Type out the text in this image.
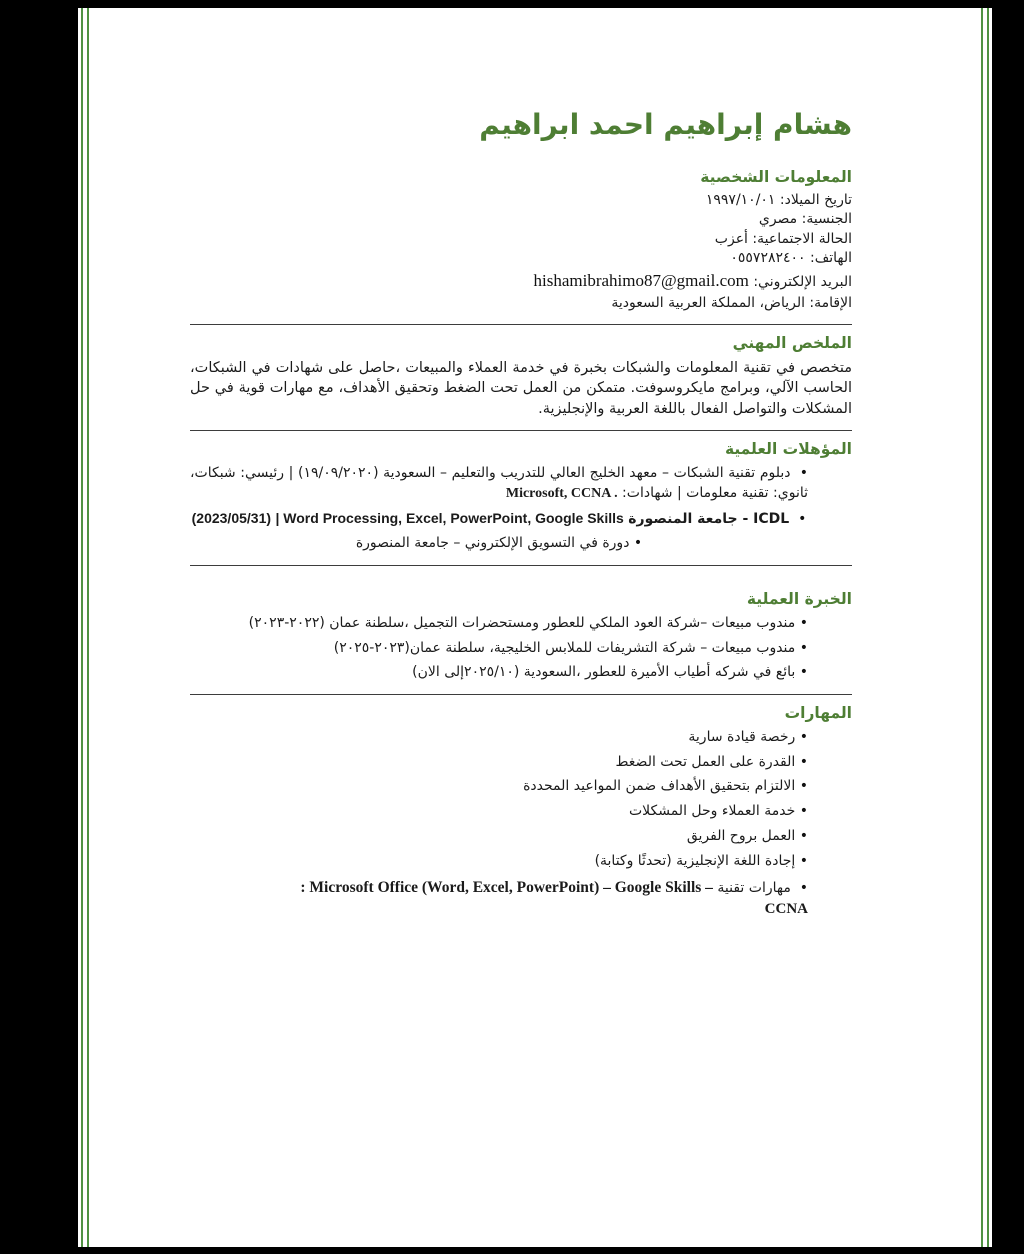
هشام إبراهيم احمد ابراهيم
المعلومات الشخصية

تاريخ الميلاد: ١٩٩٧/١٠/٠١

الجنسية: مصري

الحالة الاجتماعية: أعزب

الهاتف: ٠٥٥٧٢٨٢٤٠٠

البريد الإلكتروني: hishamibrahimo87@gmail.com

الإقامة: الرياض، المملكة العربية السعودية

الملخص المهني

متخصص في تقنية المعلومات والشبكات بخبرة في خدمة العملاء والمبيعات ،حاصل على شهادات في الشبكات، الحاسب الآلي، وبرامج مايكروسوفت. متمكن من العمل تحت الضغط وتحقيق الأهداف، مع مهارات قوية في حل المشكلات والتواصل الفعال باللغة العربية والإنجليزية.

المؤهلات العلمية
• دبلوم تقنية الشبكات – معهد الخليج العالي للتدريب والتعليم – السعودية (١٩/٠٩/٢٠٢٠) | رئيسي: شبكات، ثانوي: تقنية معلومات | شهادات: Microsoft, CCNA .
• ICDL - جامعة المنصورة | Word Processing, Excel, PowerPoint, Google Skills (2023/05/31)
• دورة في التسويق الإلكتروني – جامعة المنصورة
الخبرة العملية
• مندوب مبيعات –شركة العود الملكي للعطور ومستحضرات التجميل ،سلطنة عمان (٢٠٢٢-٢٠٢٣)
• مندوب مبيعات – شركة التشريفات للملابس الخليجية، سلطنة عمان(٢٠٢٣-٢٠٢٥)
• بائع في شركه أطياب الأميرة للعطور ،السعودية (٢٠٢٥/١٠إلى الان)
المهارات
• رخصة قيادة سارية
• القدرة على العمل تحت الضغط
• الالتزام بتحقيق الأهداف ضمن المواعيد المحددة
• خدمة العملاء وحل المشكلات
• العمل بروح الفريق
• إجادة اللغة الإنجليزية (تحدثًا وكتابة)
• مهارات تقنية : Microsoft Office (Word, Excel, PowerPoint) – Google Skills –
CCNA
